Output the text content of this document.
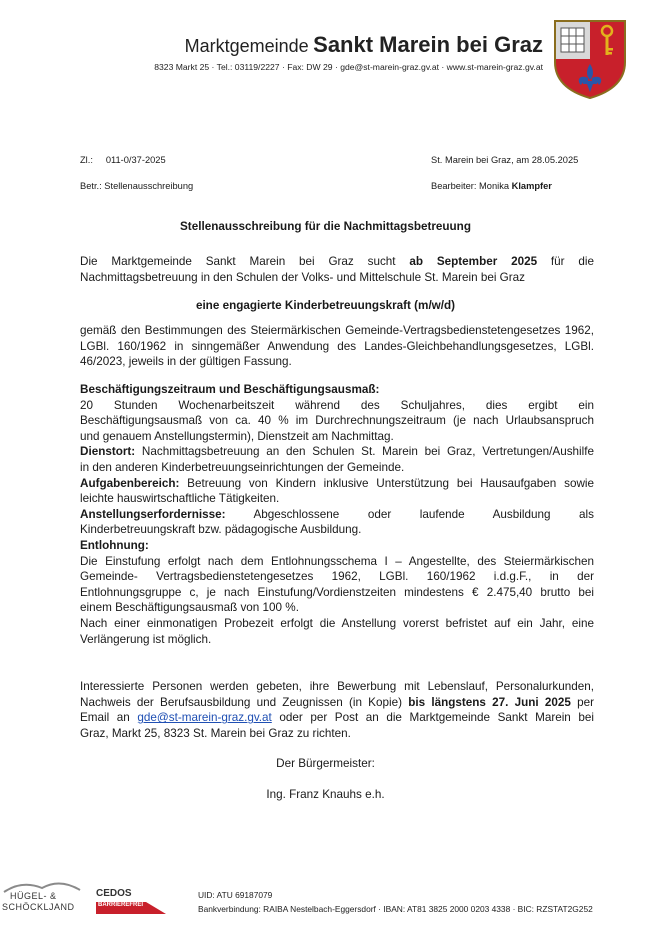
Marktgemeinde Sankt Marein bei Graz
8323 Markt 25 · Tel.: 03119/2227 · Fax: DW 29 · gde@st-marein-graz.gv.at · www.st-marein-graz.gv.at
Zl.: 011-0/37-2025	St. Marein bei Graz, am 28.05.2025
Betr.: Stellenausschreibung	Bearbeiter: Monika Klampfer
Stellenausschreibung für die Nachmittagsbetreuung
Die Marktgemeinde Sankt Marein bei Graz sucht ab September 2025 für die
Nachmittagsbetreuung in den Schulen der Volks- und Mittelschule St. Marein bei Graz
eine engagierte Kinderbetreuungskraft (m/w/d)
gemäß den Bestimmungen des Steiermärkischen Gemeinde-Vertragsbedienstetengesetzes 1962,
LGBl. 160/1962 in sinngemäßer Anwendung des Landes-Gleichbehandlungsgesetzes, LGBl.
46/2023, jeweils in der gültigen Fassung.
Beschäftigungszeitraum und Beschäftigungsausmaß:
20 Stunden Wochenarbeitszeit während des Schuljahres, dies ergibt ein
Beschäftigungsausmaß von ca. 40 % im Durchrechnungszeitraum (je nach Urlaubsanspruch
und genauem Anstellungstermin), Dienstzeit am Nachmittag.
Dienstort: Nachmittagsbetreuung an den Schulen St. Marein bei Graz, Vertretungen/Aushilfe
in den anderen Kinderbetreuungseinrichtungen der Gemeinde.
Aufgabenbereich: Betreuung von Kindern inklusive Unterstützung bei Hausaufgaben sowie
leichte hauswirtschaftliche Tätigkeiten.
Anstellungserfordernisse: Abgeschlossene oder laufende Ausbildung als
Kinderbetreuungskraft bzw. pädagogische Ausbildung.
Entlohnung:
Die Einstufung erfolgt nach dem Entlohnungsschema I – Angestellte, des Steiermärkischen
Gemeinde- Vertragsbedienstetengesetzes 1962, LGBl. 160/1962 i.d.g.F., in der
Entlohnungsgruppe c, je nach Einstufung/Vordienstzeiten mindestens € 2.475,40 brutto bei
einem Beschäftigungsausmaß von 100 %.
Nach einer einmonatigen Probezeit erfolgt die Anstellung vorerst befristet auf ein Jahr, eine
Verlängerung ist möglich.
Interessierte Personen werden gebeten, ihre Bewerbung mit Lebenslauf, Personalurkunden,
Nachweis der Berufsausbildung und Zeugnissen (in Kopie) bis längstens 27. Juni 2025 per
Email an gde@st-marein-graz.gv.at oder per Post an die Marktgemeinde Sankt Marein bei
Graz, Markt 25, 8323 St. Marein bei Graz zu richten.
Der Bürgermeister:
Ing. Franz Knauhs e.h.
HÜGEL- &
SCHÖCKLJAND
CEDOS
BARRIEREFREI
UID: ATU 69187079
Bankverbindung: RAIBA Nestelbach-Eggersdorf · IBAN: AT81 3825 2000 0203 4338 · BIC: RZSTAT2G252
